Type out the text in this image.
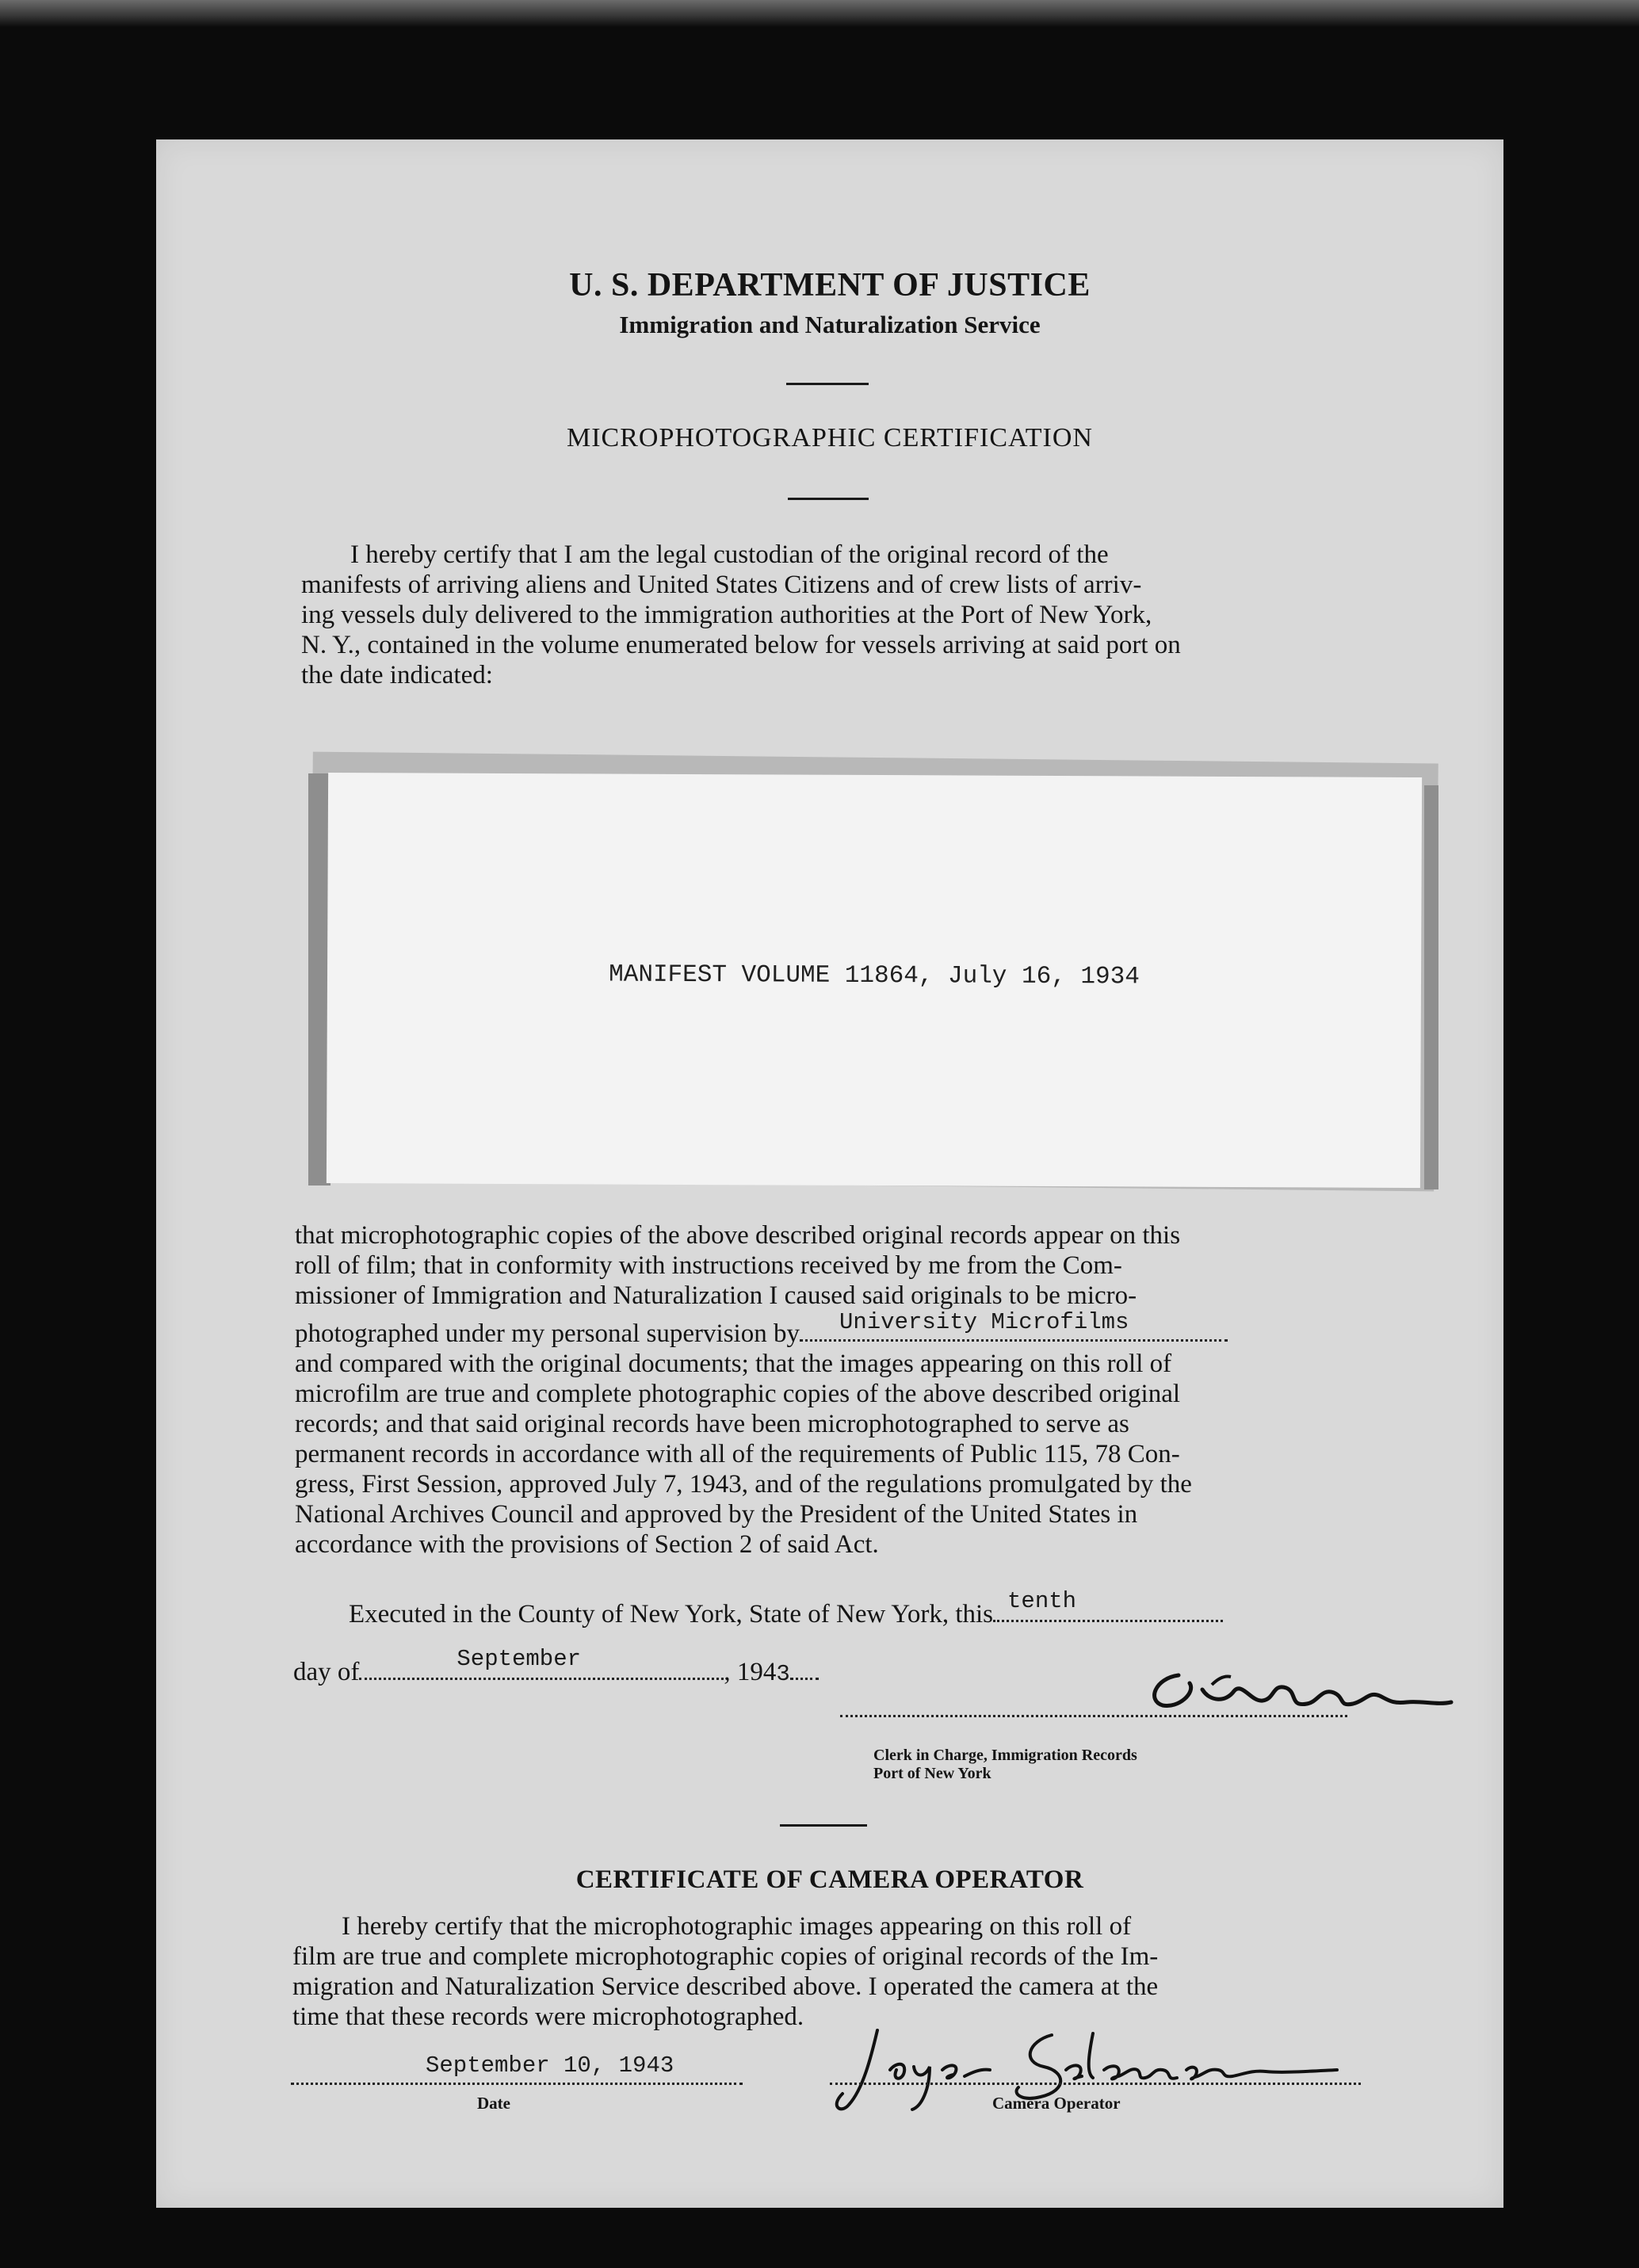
U. S. DEPARTMENT OF JUSTICE
Immigration and Naturalization Service
MICROPHOTOGRAPHIC CERTIFICATION
I hereby certify that I am the legal custodian of the original record of the
manifests of arriving aliens and United States Citizens and of crew lists of arriv-
ing vessels duly delivered to the immigration authorities at the Port of New York,
N. Y., contained in the volume enumerated below for vessels arriving at said port on
the date indicated:
MANIFEST VOLUME 11864, July 16, 1934
that microphotographic copies of the above described original records appear on this
roll of film; that in conformity with instructions received by me from the Com-
missioner of Immigration and Naturalization I caused said originals to be micro-
photographed under my personal supervision by University Microfilms
and compared with the original documents; that the images appearing on this roll of
microfilm are true and complete photographic copies of the above described original
records; and that said original records have been microphotographed to serve as
permanent records in accordance with all of the requirements of Public 115, 78 Con-
gress, First Session, approved July 7, 1943, and of the regulations promulgated by the
National Archives Council and approved by the President of the United States in
accordance with the provisions of Section 2 of said Act.
Executed in the County of New York, State of New York, this tenth
day of	September	, 1943
Clerk in Charge, Immigration Records
Port of New York
CERTIFICATE OF CAMERA OPERATOR
I hereby certify that the microphotographic images appearing on this roll of
film are true and complete microphotographic copies of original records of the Im-
migration and Naturalization Service described above. I operated the camera at the
time that these records were microphotographed.
September 10, 1943
Date	Camera Operator
